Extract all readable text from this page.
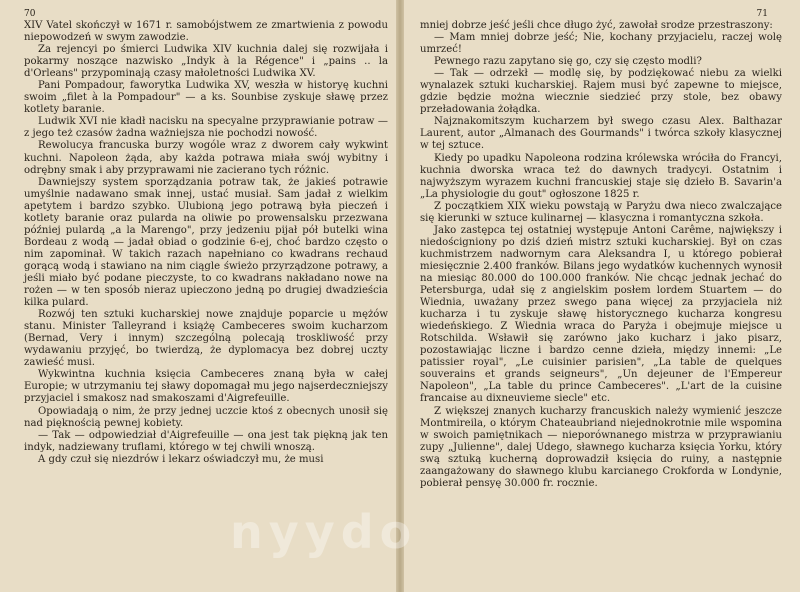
70

XIV Vatel skończył w 1671 r. samobójstwem ze zmartwienia z powodu niepowodzeń w swym zawodzie.

Za rejencyi po śmierci Ludwika XIV kuchnia dalej się rozwijała i pokarmy noszące nazwisko „Indyk à la Régence" i „pains .. la d'Orleans" przypominają czasy małoletności Ludwika XV.

Pani Pompadour, faworytka Ludwika XV, weszła w historyę kuchni swoim „filet à la Pompadour" — a ks. Sounbise zyskuje sławę przez kotlety baranie.

Ludwik XVI nie kładł nacisku na specyalne przyprawianie potraw —z jego też czasów żadna ważniejsza nie pochodzi nowość.

Rewolucya francuska burzy wogóle wraz z dworem cały wykwint kuchni. Napoleon żąda, aby każda potrawa miała swój wybitny i odrębny smak i aby przyprawami nie zacierano tych różnic.

Dawniejszy system sporządzania potraw tak, że jakieś potrawie umyślnie nadawano smak innej, ustać musiał. Sam jadał z wielkim apetytem i bardzo szybko. Ulubioną jego potrawą była pieczeń i kotlety baranie oraz pularda na oliwie po prowensalsku przezwana później pulardą „a la Marengo", przy jedzeniu pijał pół butelki wina Bordeau z wodą — jadał obiad o godzinie 6-ej, choć bardzo często o nim zapominał. W takich razach napełniano co kwadrans rechaud gorącą wodą i stawiano na nim ciągle świeżo przyrządzone potrawy, a jeśli miało być podane pieczyste, to co kwadrans nakładano nowe na rożen — w ten sposób nieraz upieczono jedną po drugiej dwadzieścia kilka pulard.

Rozwój ten sztuki kucharskiej nowe znajduje poparcie u mężów stanu. Minister Talleyrand i książę Cambeceres swoim kucharzom (Bernad, Very i innym) szczególną polecają troskliwość przy wydawaniu przyjęć, bo twierdzą, że dyplomacya bez dobrej uczty zawieść musi.

Wykwintna kuchnia księcia Cambeceres znaną była w całej Europie; w utrzymaniu tej sławy dopomagał mu jego najserdeczniejszy przyjaciel i smakosz nad smakoszami d'Aigrefeuille.

Opowiadają o nim, że przy jednej uczcie ktoś z obecnych unosił się nad pięknością pewnej kobiety.

— Tak — odpowiedział d'Aigrefeuille — ona jest tak piękną jak ten indyk, nadziewany truflami, którego w tej chwili wnoszą.

A gdy czuł się niezdrów i lekarz oświadczył mu, że musi

71

mniej dobrze jeść jeśli chce długo żyć, zawołał srodze przestraszony:

— Mam mniej dobrze jeść; Nie, kochany przyjacielu, raczej wolę umrzeć!

Pewnego razu zapytano się go, czy się często modli?

— Tak — odrzekł — modlę się, by podziękować niebu za wielki wynalazek sztuki kucharskiej. Rajem musi być zapewne to miejsce, gdzie będzie można wiecznie siedzieć przy stole, bez obawy przeładowania żołądka.

Najznakomitszym kucharzem był swego czasu Alex. Balthazar Laurent, autor „Almanach des Gourmands" i twórca szkoły klasycznej w tej sztuce.

Kiedy po upadku Napoleona rodzina królewska wróciła do Francyi, kuchnia dworska wraca też do dawnych tradycyi. Ostatnim i najwyższym wyrazem kuchni francuskiej staje się dzieło B. Savarin'a „La physiologie du gout" ogłoszone 1825 r.

Z początkiem XIX wieku powstają w Paryżu dwa nieco zwalczające się kierunki w sztuce kulinarnej — klasyczna i romantyczna szkoła.

Jako zastępca tej ostatniej występuje Antoni Carême, największy i niedościgniony po dziś dzień mistrz sztuki kucharskiej. Był on czas kuchmistrzem nadwornym cara Aleksandra I, u którego pobierał miesięcznie 2.400 franków. Bilans jego wydatków kuchennych wynosił na miesiąc 80.000 do 100.000 franków. Nie chcąc jednak jechać do Petersburga, udał się z angielskim posłem lordem Stuartem — do Wiednia, uważany przez swego pana więcej za przyjaciela niż kucharza i tu zyskuje sławę historycznego kucharza kongresu wiedeńskiego. Z Wiednia wraca do Paryża i obejmuje miejsce u Rotschilda. Wsławił się zarówno jako kucharz i jako pisarz, pozostawiając liczne i bardzo cenne dzieła, między innemi: „Le patissier royal", „Le cuisinier parisien", „La table de quelques souverains et grands seigneurs", „Un dejeuner de l'Empereur Napoleon", „La table du prince Cambeceres". „L'art de la cuisine francaise au dixneuvieme siecle" etc.

Z większej znanych kucharzy francuskich należy wymienić jeszcze Montmireila, o którym Chateaubriand niejednokrotnie mile wspomina w swoich pamiętnikach — nieporównanego mistrza w przyprawianiu zupy „Julienne", dalej Udego, sławnego kucharza księcia Yorku, który swą sztuką kucherną doprowadził księcia do ruiny, a następnie zaangażowany do sławnego klubu karcianego Crokforda w Londynie, pobierał pensyę 30.000 fr. rocznie.

nyydo
